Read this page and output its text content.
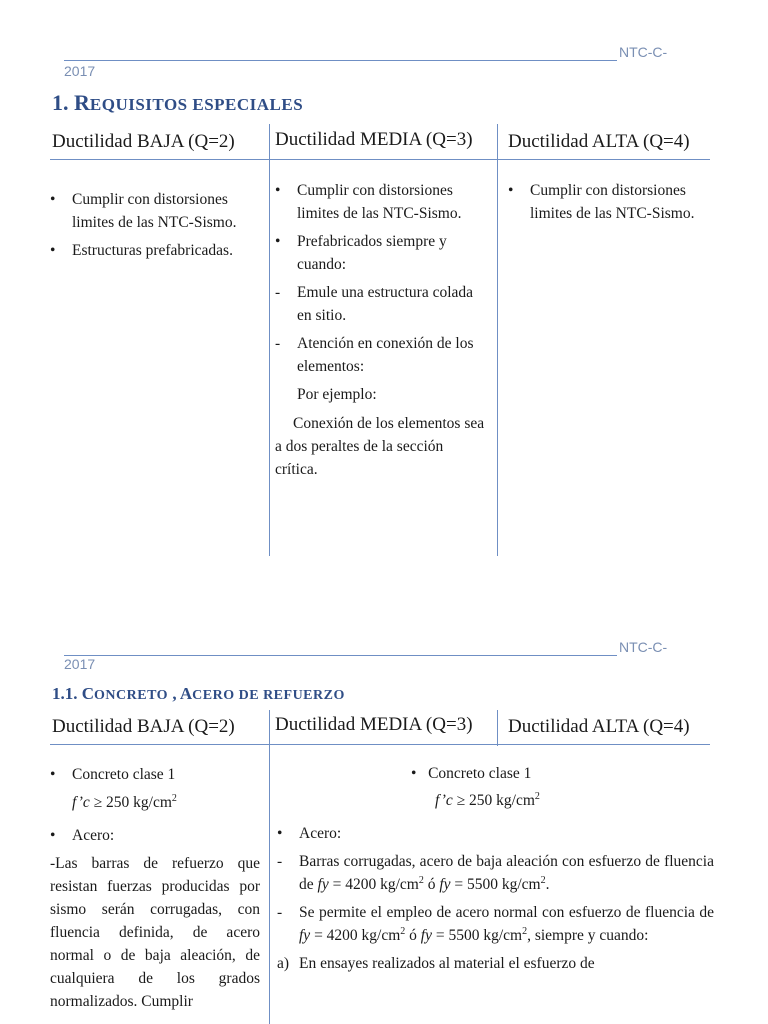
NTC-C-
2017
1. REQUISITOS ESPECIALES
Ductilidad BAJA (Q=2) Ductilidad MEDIA (Q=3) Ductilidad ALTA (Q=4)
• Cumplir con distorsiones limites de las NTC-Sismo.
• Estructuras prefabricadas.
• Cumplir con distorsiones limites de las NTC-Sismo.
• Prefabricados siempre y cuando:
- Emule una estructura colada en sitio.
- Atención en conexión de los elementos:

Por ejemplo:

Conexión de los elementos sea a dos peraltes de la sección crítica.

• Cumplir con distorsiones limites de las NTC-Sismo.
NTC-C-
2017
1.1. CONCRETO , ACERO DE REFUERZO
Ductilidad BAJA (Q=2) Ductilidad MEDIA (Q=3) Ductilidad ALTA (Q=4)
• Concreto clase 1

f’c ≥ 250 $kg/cm^2$

• Acero:

-Las barras de refuerzo que resistan fuerzas producidas por sismo serán corrugadas, con fluencia definida, de acero normal o de baja aleación, de cualquiera de los grados normalizados. Cumplir

• Concreto clase 1

f’c ≥ 250 $kg/cm^2$

• Acero:
- Barras corrugadas, acero de baja aleación con esfuerzo de fluencia de fy = 4200 $kg/cm^2$ ó fy = 5500 $kg/cm^2$.
- Se permite el empleo de acero normal con esfuerzo de fluencia de fy = 4200 $kg/cm^2$ ó fy = 5500 $kg/cm^2$, siempre y cuando:
a) En ensayes realizados al material el esfuerzo de
